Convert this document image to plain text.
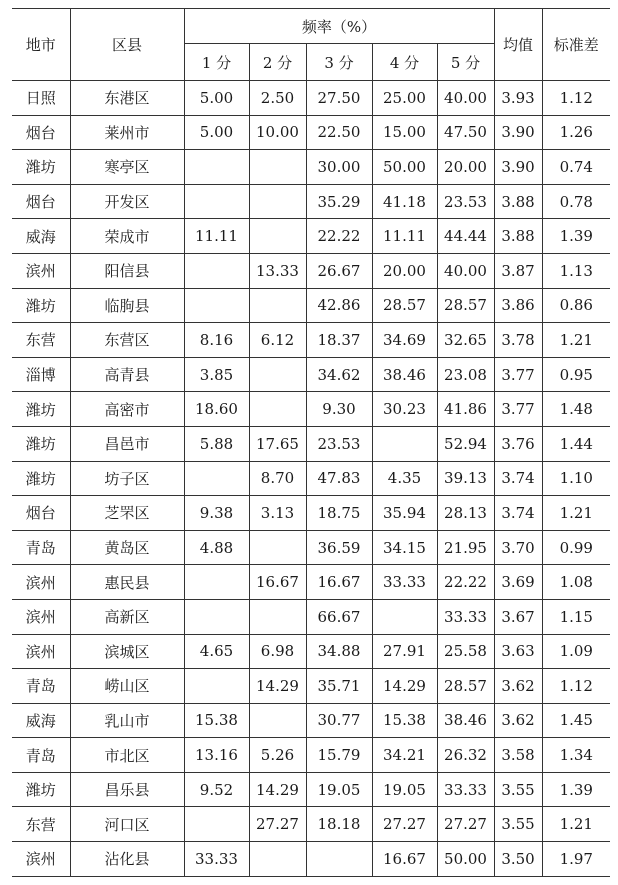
地市	区县	频率（%）					均值	标准差
		1 分	2 分	3 分	4 分	5 分		
日照	东港区	5.00	2.50	27.50	25.00	40.00	3.93	1.12
烟台	莱州市	5.00	10.00	22.50	15.00	47.50	3.90	1.26
潍坊	寒亭区			30.00	50.00	20.00	3.90	0.74
烟台	开发区			35.29	41.18	23.53	3.88	0.78
威海	荣成市	11.11		22.22	11.11	44.44	3.88	1.39
滨州	阳信县		13.33	26.67	20.00	40.00	3.87	1.13
潍坊	临朐县			42.86	28.57	28.57	3.86	0.86
东营	东营区	8.16	6.12	18.37	34.69	32.65	3.78	1.21
淄博	高青县	3.85		34.62	38.46	23.08	3.77	0.95
潍坊	高密市	18.60		9.30	30.23	41.86	3.77	1.48
潍坊	昌邑市	5.88	17.65	23.53		52.94	3.76	1.44
潍坊	坊子区		8.70	47.83	4.35	39.13	3.74	1.10
烟台	芝罘区	9.38	3.13	18.75	35.94	28.13	3.74	1.21
青岛	黄岛区	4.88		36.59	34.15	21.95	3.70	0.99
滨州	惠民县		16.67	16.67	33.33	22.22	3.69	1.08
滨州	高新区			66.67		33.33	3.67	1.15
滨州	滨城区	4.65	6.98	34.88	27.91	25.58	3.63	1.09
青岛	崂山区		14.29	35.71	14.29	28.57	3.62	1.12
威海	乳山市	15.38		30.77	15.38	38.46	3.62	1.45
青岛	市北区	13.16	5.26	15.79	34.21	26.32	3.58	1.34
潍坊	昌乐县	9.52	14.29	19.05	19.05	33.33	3.55	1.39
东营	河口区		27.27	18.18	27.27	27.27	3.55	1.21
滨州	沾化县	33.33			16.67	50.00	3.50	1.97
